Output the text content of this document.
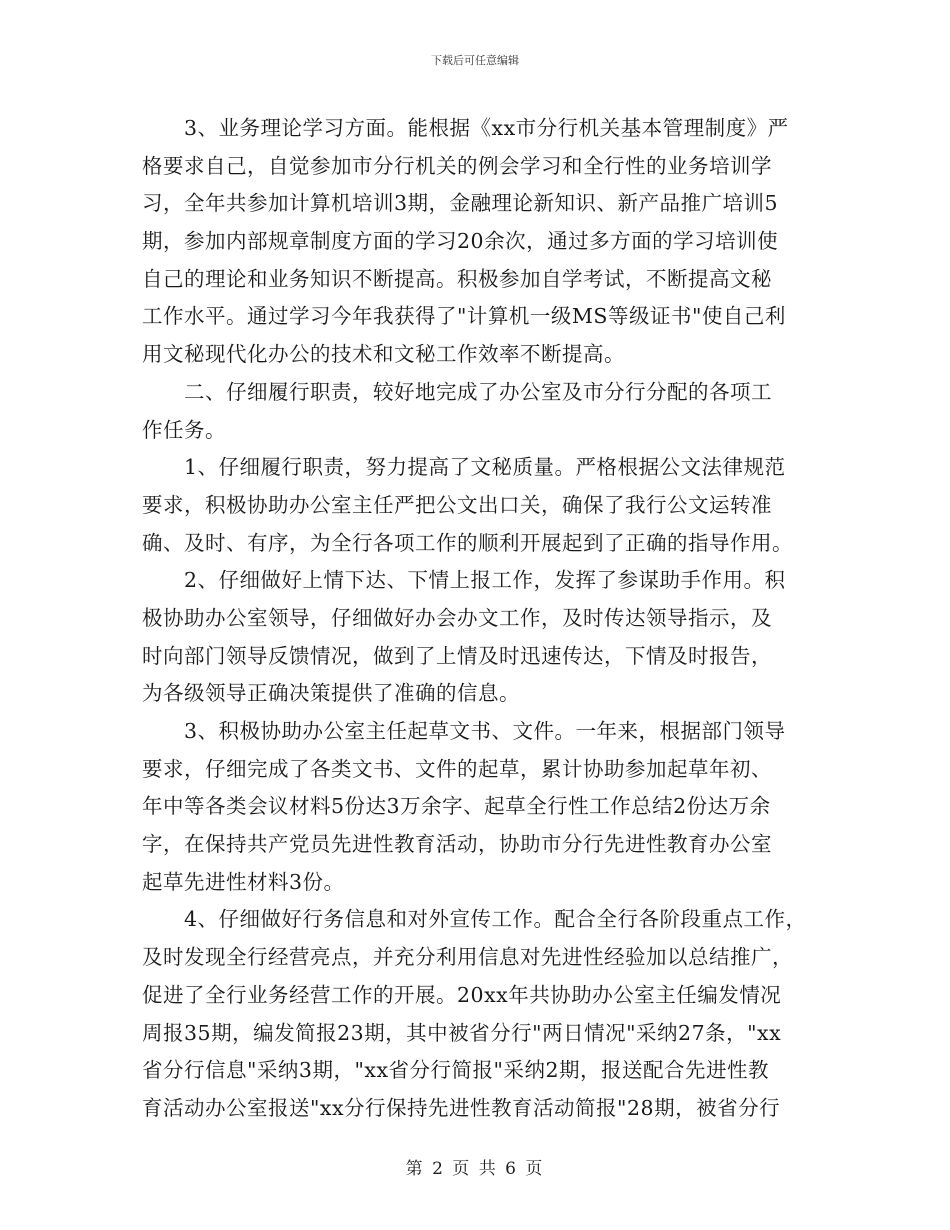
下载后可任意编辑
3、业务理论学习方面。能根据《xx市分行机关基本管理制度》严
格要求自己，自觉参加市分行机关的例会学习和全行性的业务培训学
习，全年共参加计算机培训3期，金融理论新知识、新产品推广培训5
期，参加内部规章制度方面的学习20余次，通过多方面的学习培训使
自己的理论和业务知识不断提高。积极参加自学考试，不断提高文秘
工作水平。通过学习今年我获得了"计算机一级MS等级证书"使自己利
用文秘现代化办公的技术和文秘工作效率不断提高。
二、仔细履行职责，较好地完成了办公室及市分行分配的各项工
作任务。
1、仔细履行职责，努力提高了文秘质量。严格根据公文法律规范
要求，积极协助办公室主任严把公文出口关，确保了我行公文运转准
确、及时、有序，为全行各项工作的顺利开展起到了正确的指导作用。
2、仔细做好上情下达、下情上报工作，发挥了参谋助手作用。积
极协助办公室领导，仔细做好办会办文工作，及时传达领导指示，及
时向部门领导反馈情况，做到了上情及时迅速传达，下情及时报告，
为各级领导正确决策提供了准确的信息。
3、积极协助办公室主任起草文书、文件。一年来，根据部门领导
要求，仔细完成了各类文书、文件的起草，累计协助参加起草年初、
年中等各类会议材料5份达3万余字、起草全行性工作总结2份达万余
字，在保持共产党员先进性教育活动，协助市分行先进性教育办公室
起草先进性材料3份。
4、仔细做好行务信息和对外宣传工作。配合全行各阶段重点工作，
及时发现全行经营亮点，并充分利用信息对先进性经验加以总结推广，
促进了全行业务经营工作的开展。20xx年共协助办公室主任编发情况
周报35期，编发简报23期，其中被省分行"两日情况"采纳27条，"xx
省分行信息"采纳3期，"xx省分行简报"采纳2期，报送配合先进性教
育活动办公室报送"xx分行保持先进性教育活动简报"28期，被省分行
第 2 页 共 6 页
